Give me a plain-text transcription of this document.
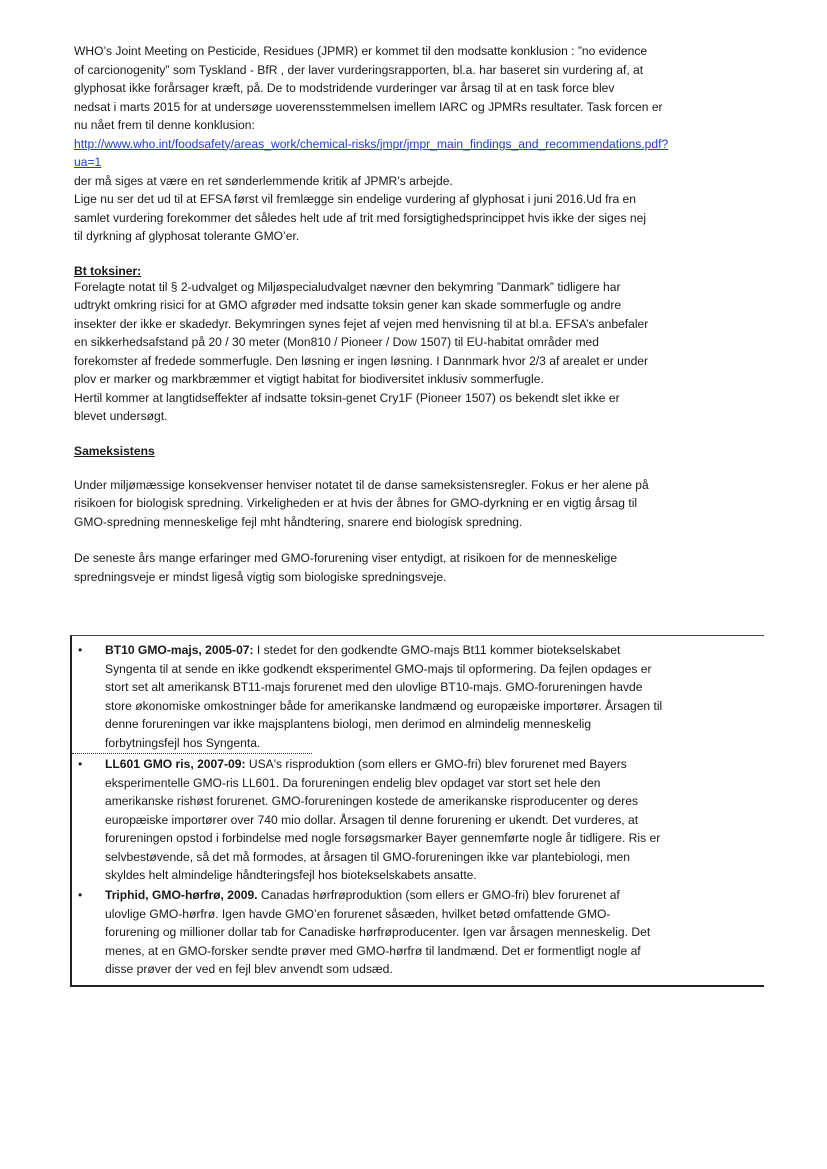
WHO’s Joint Meeting on Pesticide, Residues (JPMR) er kommet til den modsatte konklusion : ”no evidence

of carcionogenity” som Tyskland - BfR , der laver vurderingsrapporten, bl.a. har baseret sin vurdering af, at

glyphosat ikke forårsager kræft, på. De to modstridende vurderinger var årsag til at en task force blev

nedsat i marts 2015 for at undersøge uoverensstemmelsen imellem IARC og JPMRs resultater. Task forcen er

nu nået frem til denne konklusion:

http://www.who.int/foodsafety/areas_work/chemical-risks/jmpr/jmpr_main_findings_and_recommendations.pdf?

ua=1

der må siges at være en ret sønderlemmende kritik af JPMR’s arbejde.

Lige nu ser det ud til at EFSA først vil fremlægge sin endelige vurdering af glyphosat i juni 2016.Ud fra en

samlet vurdering forekommer det således helt ude af trit med forsigtighedsprincippet hvis ikke der siges nej

til dyrkning af glyphosat tolerante GMO’er.

Bt toksiner:

Forelagte notat til § 2-udvalget og Miljøspecialudvalget nævner den bekymring ”Danmark” tidligere har

udtrykt omkring risici for at GMO afgrøder med indsatte toksin gener kan skade sommerfugle og andre

insekter der ikke er skadedyr. Bekymringen synes fejet af vejen med henvisning til at bl.a. EFSA’s anbefaler

en sikkerhedsafstand på 20 / 30 meter (Mon810 / Pioneer / Dow 1507) til EU-habitat områder med

forekomster af fredede sommerfugle. Den løsning er ingen løsning. I Dannmark hvor 2/3 af arealet er under

plov er marker og markbræmmer et vigtigt habitat for biodiversitet inklusiv sommerfugle.

Hertil kommer at langtidseffekter af indsatte toksin-genet Cry1F (Pioneer 1507) os bekendt slet ikke er

blevet undersøgt.

Sameksistens

Under miljømæssige konsekvenser henviser notatet til de danse sameksistensregler. Fokus er her alene på

risikoen for biologisk spredning. Virkeligheden er at hvis der åbnes for GMO-dyrkning er en vigtig årsag til

GMO-spredning menneskelige fejl mht håndtering, snarere end biologisk spredning.

De seneste års mange erfaringer med GMO-forurening viser entydigt, at risikoen for de menneskelige

spredningsveje er mindst ligeså vigtig som biologiske spredningsveje.

• BT10 GMO-majs, 2005-07: I stedet for den godkendte GMO-majs Bt11 kommer biotekselskabet
Syngenta til at sende en ikke godkendt eksperimentel GMO-majs til opformering. Da fejlen opdages er
stort set alt amerikansk BT11-majs forurenet med den ulovlige BT10-majs. GMO-forureningen havde
store økonomiske omkostninger både for amerikanske landmænd og europæiske importører. Årsagen til
denne forureningen var ikke majsplantens biologi, men derimod en almindelig menneskelig
forbytningsfejl hos Syngenta.
• LL601 GMO ris, 2007-09: USA's risproduktion (som ellers er GMO-fri) blev forurenet med Bayers
eksperimentelle GMO-ris LL601. Da forureningen endelig blev opdaget var stort set hele den
amerikanske rishøst forurenet. GMO-forureningen kostede de amerikanske risproducenter og deres
europæiske importører over 740 mio dollar. Årsagen til denne forurening er ukendt. Det vurderes, at
forureningen opstod i forbindelse med nogle forsøgsmarker Bayer gennemførte nogle år tidligere. Ris er
selvbestøvende, så det må formodes, at årsagen til GMO-forureningen ikke var plantebiologi, men
skyldes helt almindelige håndteringsfejl hos biotekselskabets ansatte.
• Triphid, GMO-hørfrø, 2009. Canadas hørfrøproduktion (som ellers er GMO-fri) blev forurenet af
ulovlige GMO-hørfrø. Igen havde GMO’en forurenet såsæden, hvilket betød omfattende GMO-
forurening og millioner dollar tab for Canadiske hørfrøproducenter. Igen var årsagen menneskelig. Det
menes, at en GMO-forsker sendte prøver med GMO-hørfrø til landmænd. Det er formentligt nogle af
disse prøver der ved en fejl blev anvendt som udsæd.
